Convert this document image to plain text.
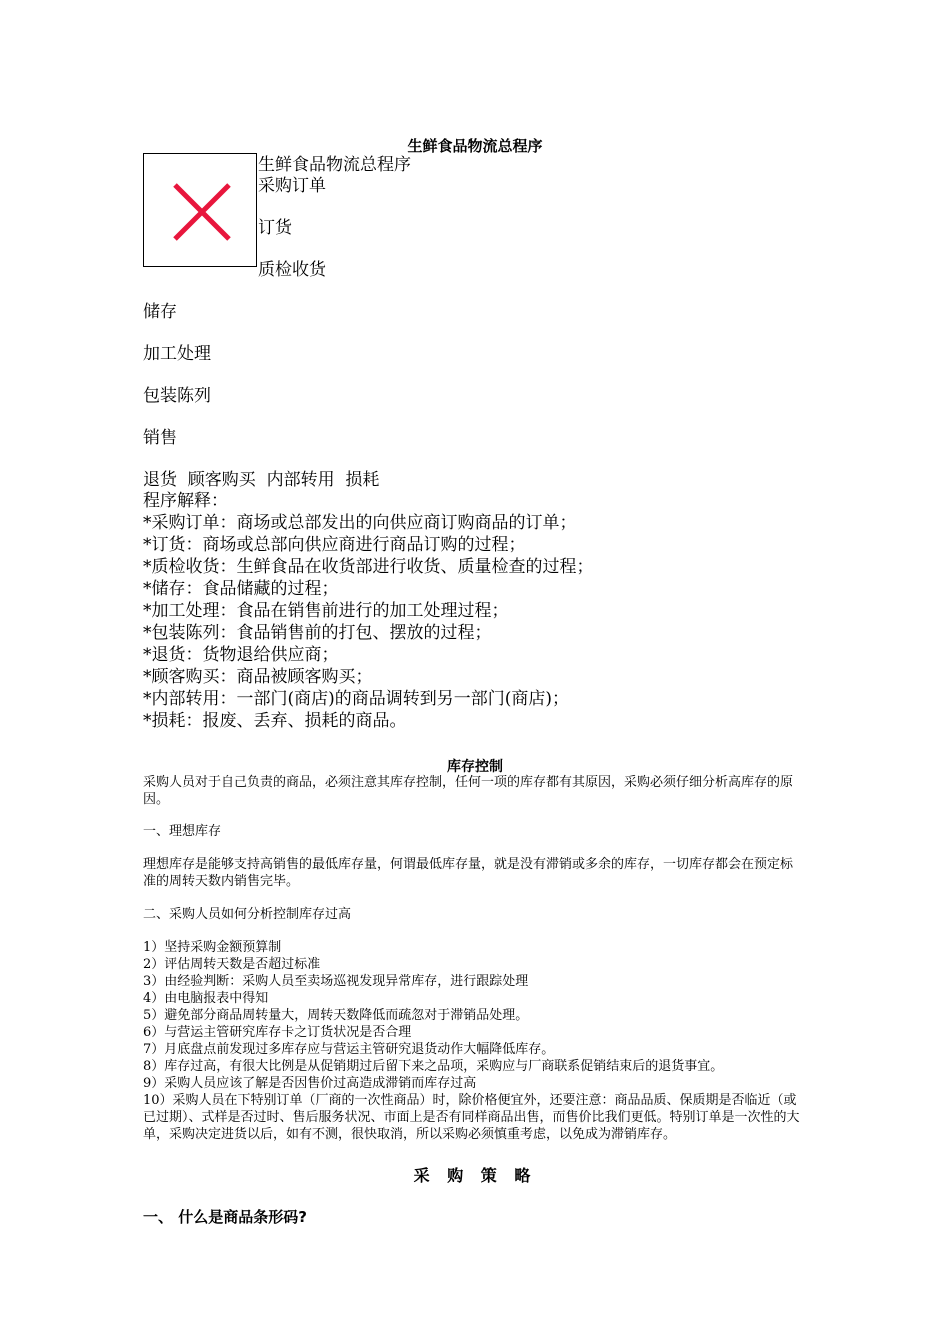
生鲜食品物流总程序
生鲜食品物流总程序
采购订单
订货
质检收货
储存
加工处理
包装陈列
销售
退货  顾客购买  内部转用  损耗
程序解释：
*采购订单：商场或总部发出的向供应商订购商品的订单；
*订货：商场或总部向供应商进行商品订购的过程；
*质检收货：生鲜食品在收货部进行收货、质量检查的过程；
*储存：食品储藏的过程；
*加工处理：食品在销售前进行的加工处理过程；
*包装陈列：食品销售前的打包、摆放的过程；
*退货：货物退给供应商；
*顾客购买：商品被顾客购买；
*内部转用：一部门(商店)的商品调转到另一部门(商店)；
*损耗：报废、丢弃、损耗的商品。
库存控制
采购人员对于自己负责的商品，必须注意其库存控制，任何一项的库存都有其原因，采购必须仔细分析高库存的原因。
一、理想库存
理想库存是能够支持高销售的最低库存量，何谓最低库存量，就是没有滞销或多余的库存，一切库存都会在预定标准的周转天数内销售完毕。
二、采购人员如何分析控制库存过高
1）坚持采购金额预算制
2）评估周转天数是否超过标准
3）由经验判断：采购人员至卖场巡视发现异常库存，进行跟踪处理
4）由电脑报表中得知
5）避免部分商品周转量大，周转天数降低而疏忽对于滞销品处理。
6）与营运主管研究库存卡之订货状况是否合理
7）月底盘点前发现过多库存应与营运主管研究退货动作大幅降低库存。
8）库存过高，有很大比例是从促销期过后留下来之品项，采购应与厂商联系促销结束后的退货事宜。
9）采购人员应该了解是否因售价过高造成滞销而库存过高
10）采购人员在下特别订单（厂商的一次性商品）时，除价格便宜外，还要注意：商品品质、保质期是否临近（或已过期）、式样是否过时、售后服务状况、市面上是否有同样商品出售，而售价比我们更低。特别订单是一次性的大单，采购决定进货以后，如有不测，很快取消，所以采购必须慎重考虑，以免成为滞销库存。
采 购 策 略
一、 什么是商品条形码?
